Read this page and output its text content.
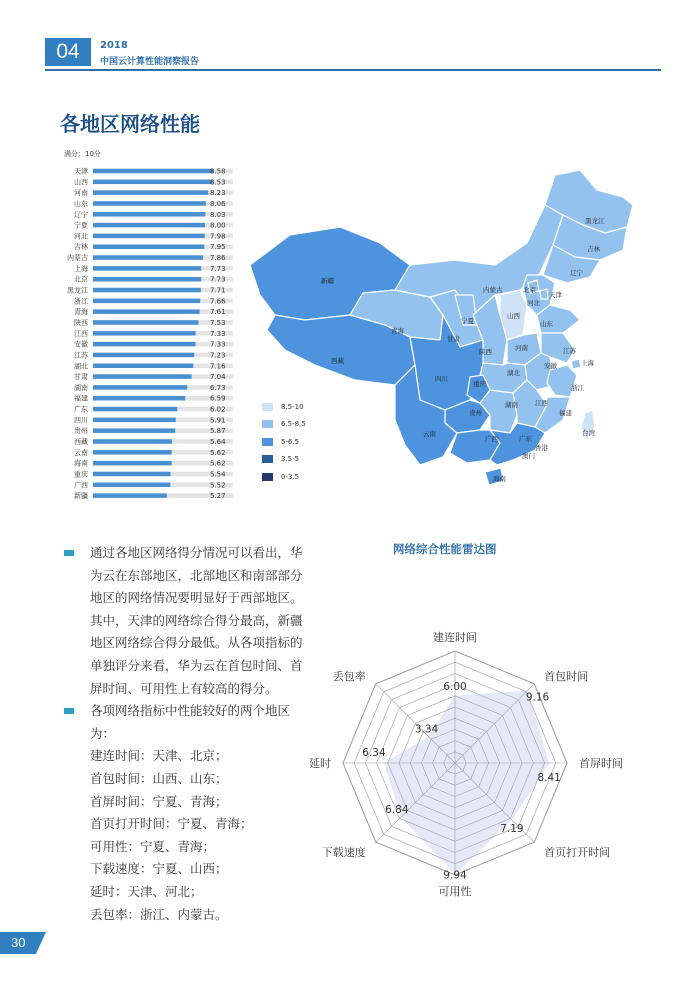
04	2018
中国云计算性能洞察报告
各地区网络性能
满分：10分
天津	8.58
山西	8.53
河南	8.23
山东	8.06
辽宁	8.03
宁夏	8.00
河北	7.98
吉林	7.95
内蒙古	7.86
上海	7.73
北京	7.73
黑龙江	7.71
浙江	7.66
青海	7.61
陕西	7.53
江西	7.33
安徽	7.33
江苏	7.23
湖北	7.16
甘肃	7.04
湖南	6.73
福建	6.59
广东	6.02
四川	5.91
贵州	5.87
西藏	5.64
云南	5.62
海南	5.62
重庆	5.54
广西	5.52
新疆	5.27
新疆
西藏
青海
甘肃
内蒙古
黑龙江
吉林
辽宁
北京
天津
河北
山西
山东
宁夏
陕西	河南	江苏
上海
安徽
湖北
四川
重庆	浙江
贵州
湖南	江西
福建
云南
广西	广东
台湾
香港
澳门
海南
8.5-10
6.5-8.5
5-6.5
3.5-5
0-3.5
通过各地区网络得分情况可以看出，华为云在东部地区，北部地区和南部部分地区的网络情况要明显好于西部地区。其中，天津的网络综合得分最高，新疆地区网络综合得分最低。从各项指标的单独评分来看，华为云在首包时间、首屏时间、可用性上有较高的得分。
各项网络指标中性能较好的两个地区为：
建连时间：天津、北京；
首包时间：山西、山东；
首屏时间：宁夏、青海；
首页打开时间：宁夏、青海；
可用性：宁夏、青海；
下载速度：宁夏、山西；
延时：天津、河北；
丢包率：浙江、内蒙古。
网络综合性能雷达图
建连时间
首包时间
首屏时间
首页打开时间
可用性
下载速度
延时
丢包率
6.00
9.16
8.41
7.19
9.94
6.84
6.34
3.34
30
